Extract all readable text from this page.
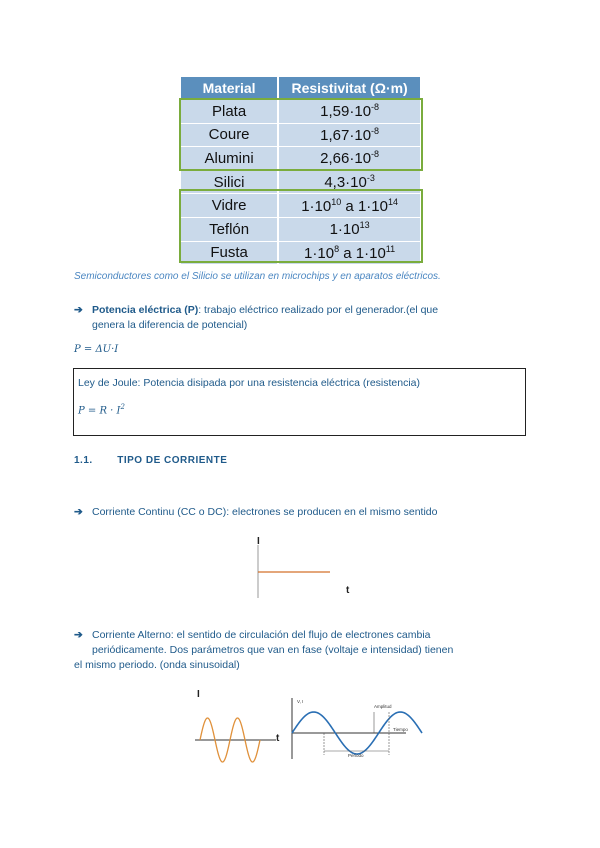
Material	Resistivitat (Ω·m)
Plata	$1,59\cdot 10^{-8}$
Coure	$1,67\cdot 10^{-8}$
Alumini	$2,66\cdot 10^{-8}$
Silici	$4,3\cdot 10^{-3}$
Vidre	$1\cdot 10^{10}$ a $1\cdot 10^{14}$
Teflón	$1\cdot 10^{13}$
Fusta	$1\cdot 10^8$ a $1\cdot 10^{11}$
Semiconductores como el Silicio se utilizan en microchips y en aparatos eléctricos.
➔ Potencia eléctrica (P): trabajo eléctrico realizado por el generador.(el que
genera la diferencia de potencial)
P = ΔU·I
Ley de Joule: Potencia disipada por una resistencia eléctrica (resistencia)
$P = R \cdot I^2$
1.1. TIPO DE CORRIENTE
➔ Corriente Continu (CC o DC): electrones se producen en el mismo sentido
I
t
➔ Corriente Alterno: el sentido de circulación del flujo de electrones cambia
periódicamente. Dos parámetros que van en fase (voltaje e intensidad) tienen
el mismo periodo. (onda sinusoidal)
I
t
V, I
Amplitud
Tiempo
Periodo
